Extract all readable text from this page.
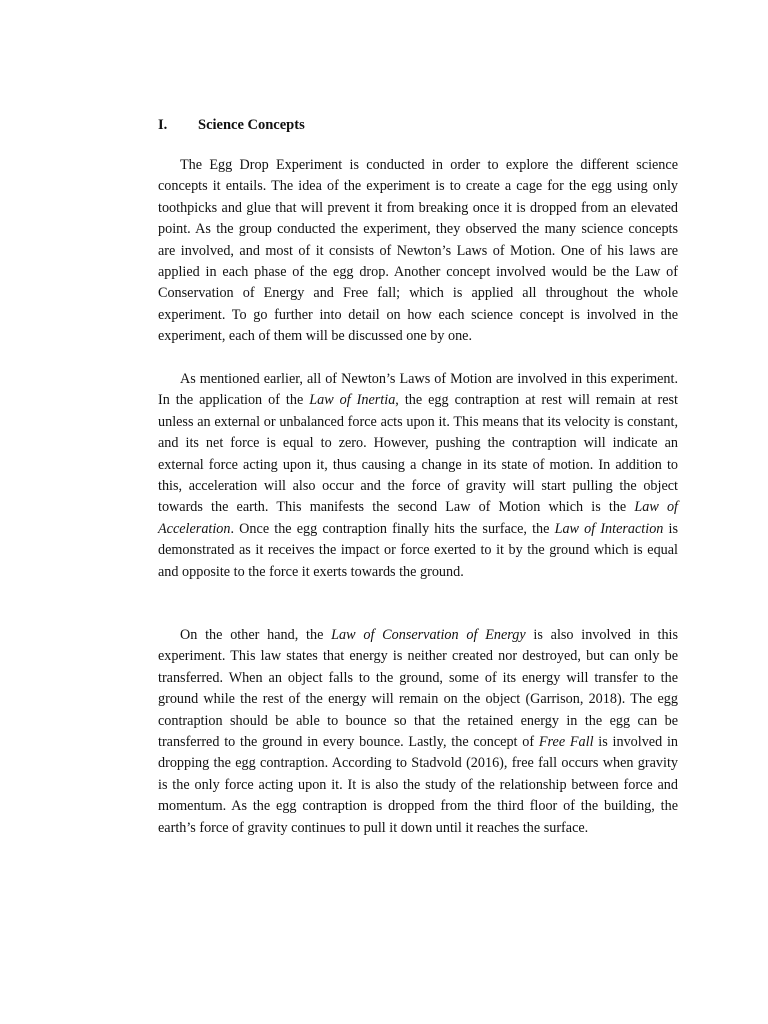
I. Science Concepts

The Egg Drop Experiment is conducted in order to explore the different science concepts it entails. The idea of the experiment is to create a cage for the egg using only toothpicks and glue that will prevent it from breaking once it is dropped from an elevated point. As the group conducted the experiment, they observed the many science concepts are involved, and most of it consists of Newton’s Laws of Motion. One of his laws are applied in each phase of the egg drop. Another concept involved would be the Law of Conservation of Energy and Free fall; which is applied all throughout the whole experiment. To go further into detail on how each science concept is involved in the experiment, each of them will be discussed one by one.

As mentioned earlier, all of Newton’s Laws of Motion are involved in this experiment. In the application of the Law of Inertia, the egg contraption at rest will remain at rest unless an external or unbalanced force acts upon it. This means that its velocity is constant, and its net force is equal to zero. However, pushing the contraption will indicate an external force acting upon it, thus causing a change in its state of motion. In addition to this, acceleration will also occur and the force of gravity will start pulling the object towards the earth. This manifests the second Law of Motion which is the Law of Acceleration. Once the egg contraption finally hits the surface, the Law of Interaction is demonstrated as it receives the impact or force exerted to it by the ground which is equal and opposite to the force it exerts towards the ground.

On the other hand, the Law of Conservation of Energy is also involved in this experiment. This law states that energy is neither created nor destroyed, but can only be transferred. When an object falls to the ground, some of its energy will transfer to the ground while the rest of the energy will remain on the object (Garrison, 2018). The egg contraption should be able to bounce so that the retained energy in the egg can be transferred to the ground in every bounce. Lastly, the concept of Free Fall is involved in dropping the egg contraption. According to Stadvold (2016), free fall occurs when gravity is the only force acting upon it. It is also the study of the relationship between force and momentum. As the egg contraption is dropped from the third floor of the building, the earth’s force of gravity continues to pull it down until it reaches the surface.
